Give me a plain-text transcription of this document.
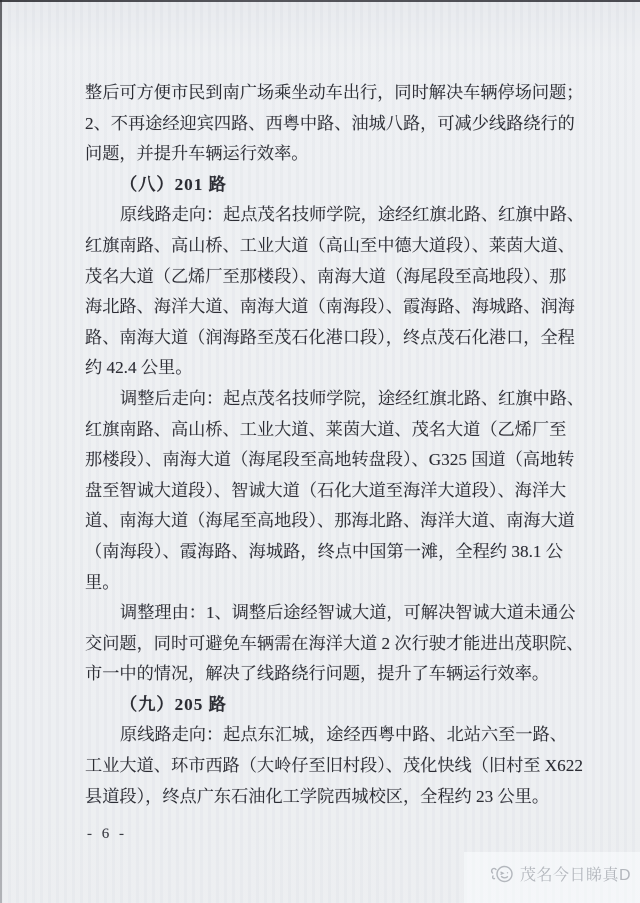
整后可方便市民到南广场乘坐动车出行，同时解决车辆停场问题；
2、不再途经迎宾四路、西粤中路、油城八路，可减少线路绕行的
问题，并提升车辆运行效率。
（八）201 路
原线路走向：起点茂名技师学院，途经红旗北路、红旗中路、
红旗南路、高山桥、工业大道（高山至中德大道段）、莱茵大道、
茂名大道（乙烯厂至那楼段）、南海大道（海尾段至高地段）、那
海北路、海洋大道、南海大道（南海段）、霞海路、海城路、润海
路、南海大道（润海路至茂石化港口段），终点茂石化港口，全程
约 42.4 公里。
调整后走向：起点茂名技师学院，途经红旗北路、红旗中路、
红旗南路、高山桥、工业大道、莱茵大道、茂名大道（乙烯厂至
那楼段）、南海大道（海尾段至高地转盘段）、G325 国道（高地转
盘至智诚大道段）、智诚大道（石化大道至海洋大道段）、海洋大
道、南海大道（海尾至高地段）、那海北路、海洋大道、南海大道
（南海段）、霞海路、海城路，终点中国第一滩，全程约 38.1 公
里。
调整理由：1、调整后途经智诚大道，可解决智诚大道未通公
交问题，同时可避免车辆需在海洋大道 2 次行驶才能进出茂职院、
市一中的情况，解决了线路绕行问题，提升了车辆运行效率。
（九）205 路
原线路走向：起点东汇城，途经西粤中路、北站六至一路、
工业大道、环市西路（大岭仔至旧村段）、茂化快线（旧村至 X622
县道段），终点广东石油化工学院西城校区，全程约 23 公里。
- 6 -
茂名今日睇真D
